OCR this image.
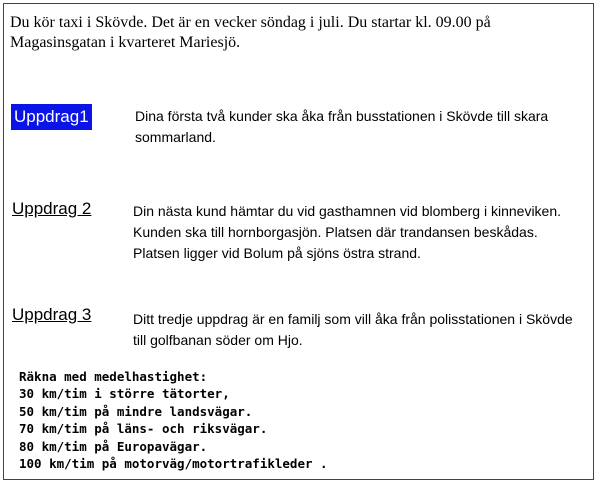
Du kör taxi i Skövde. Det är en vecker söndag i juli. Du startar kl. 09.00 på Magasinsgatan i kvarteret Mariesjö.
Uppdrag1	Dina första två kunder ska åka från busstationen i Skövde till skara sommarland.
Uppdrag 2	Din nästa kund hämtar du vid gasthamnen vid blomberg i kinneviken. Kunden ska till hornborgasjön. Platsen där trandansen beskådas. Platsen ligger vid Bolum på sjöns östra strand.
Uppdrag 3	Ditt tredje uppdrag är en familj som vill åka från polisstationen i Skövde till golfbanan söder om Hjo.
Räkna med medelhastighet:
30 km/tim i större tätorter,
50 km/tim på mindre landsvägar.
70 km/tim på läns- och riksvägar.
80 km/tim på Europavägar.
100 km/tim på motorväg/motortrafikleder .
